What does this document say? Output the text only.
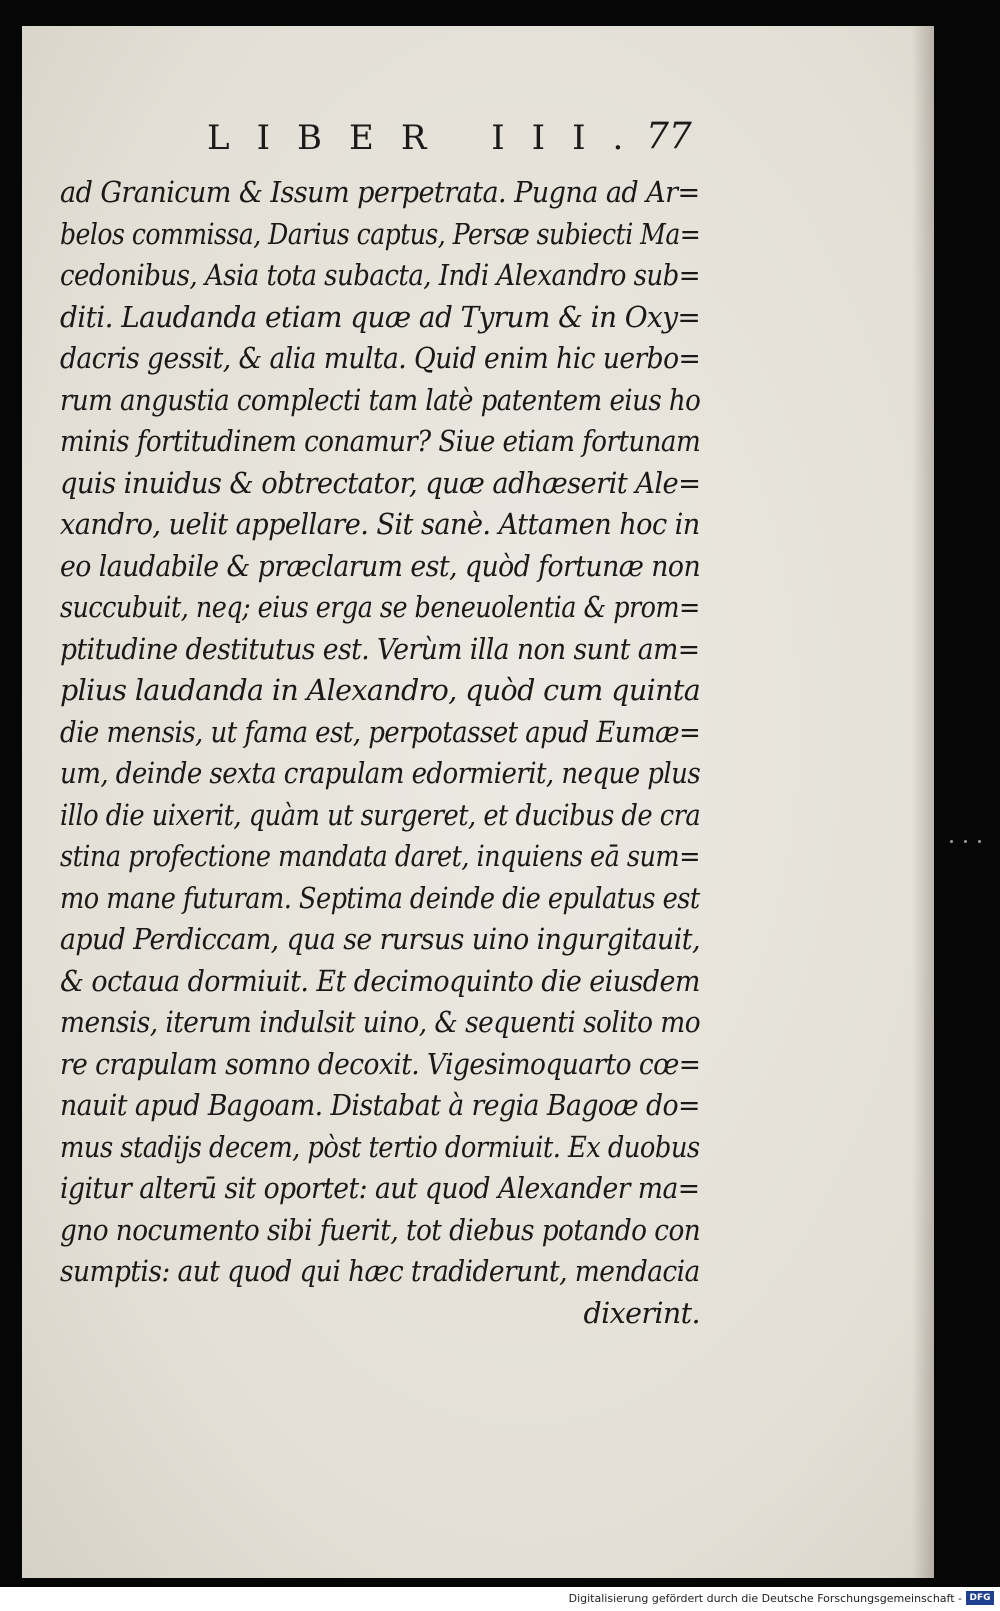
LIBER III.
77
ad Granicum & Issum perpetrata. Pugna ad Ar=
belos commissa, Darius captus, Persæ subiecti Ma=
cedonibus, Asia tota subacta, Indi Alexandro sub=
diti. Laudanda etiam quæ ad Tyrum & in Oxy=
dacris gessit, & alia multa. Quid enim hic uerbo=
rum angustia complecti tam latè patentem eius ho
minis fortitudinem conamur? Siue etiam fortunam
quis inuidus & obtrectator, quæ adhæserit Ale=
xandro, uelit appellare. Sit sanè. Attamen hoc in
eo laudabile & præclarum est, quòd fortunæ non
succubuit, neq; eius erga se beneuolentia & prom=
ptitudine destitutus est. Verùm illa non sunt am=
plius laudanda in Alexandro, quòd cum quinta
die mensis, ut fama est, perpotasset apud Eumæ=
um, deinde sexta crapulam edormierit, neque plus
illo die uixerit, quàm ut surgeret, et ducibus de cra
stina profectione mandata daret, inquiens eā sum=
mo mane futuram. Septima deinde die epulatus est
apud Perdiccam, qua se rursus uino ingurgitauit,
& octaua dormiuit. Et decimoquinto die eiusdem
mensis, iterum indulsit uino, & sequenti solito mo
re crapulam somno decoxit. Vigesimoquarto cœ=
nauit apud Bagoam. Distabat à regia Bagoæ do=
mus stadijs decem, pòst tertio dormiuit. Ex duobus
igitur alterū sit oportet: aut quod Alexander ma=
gno nocumento sibi fuerit, tot diebus potando con
sumptis: aut quod qui hæc tradiderunt, mendacia
dixerint.
Digitalisierung gefördert durch die Deutsche Forschungsgemeinschaft - DFG
